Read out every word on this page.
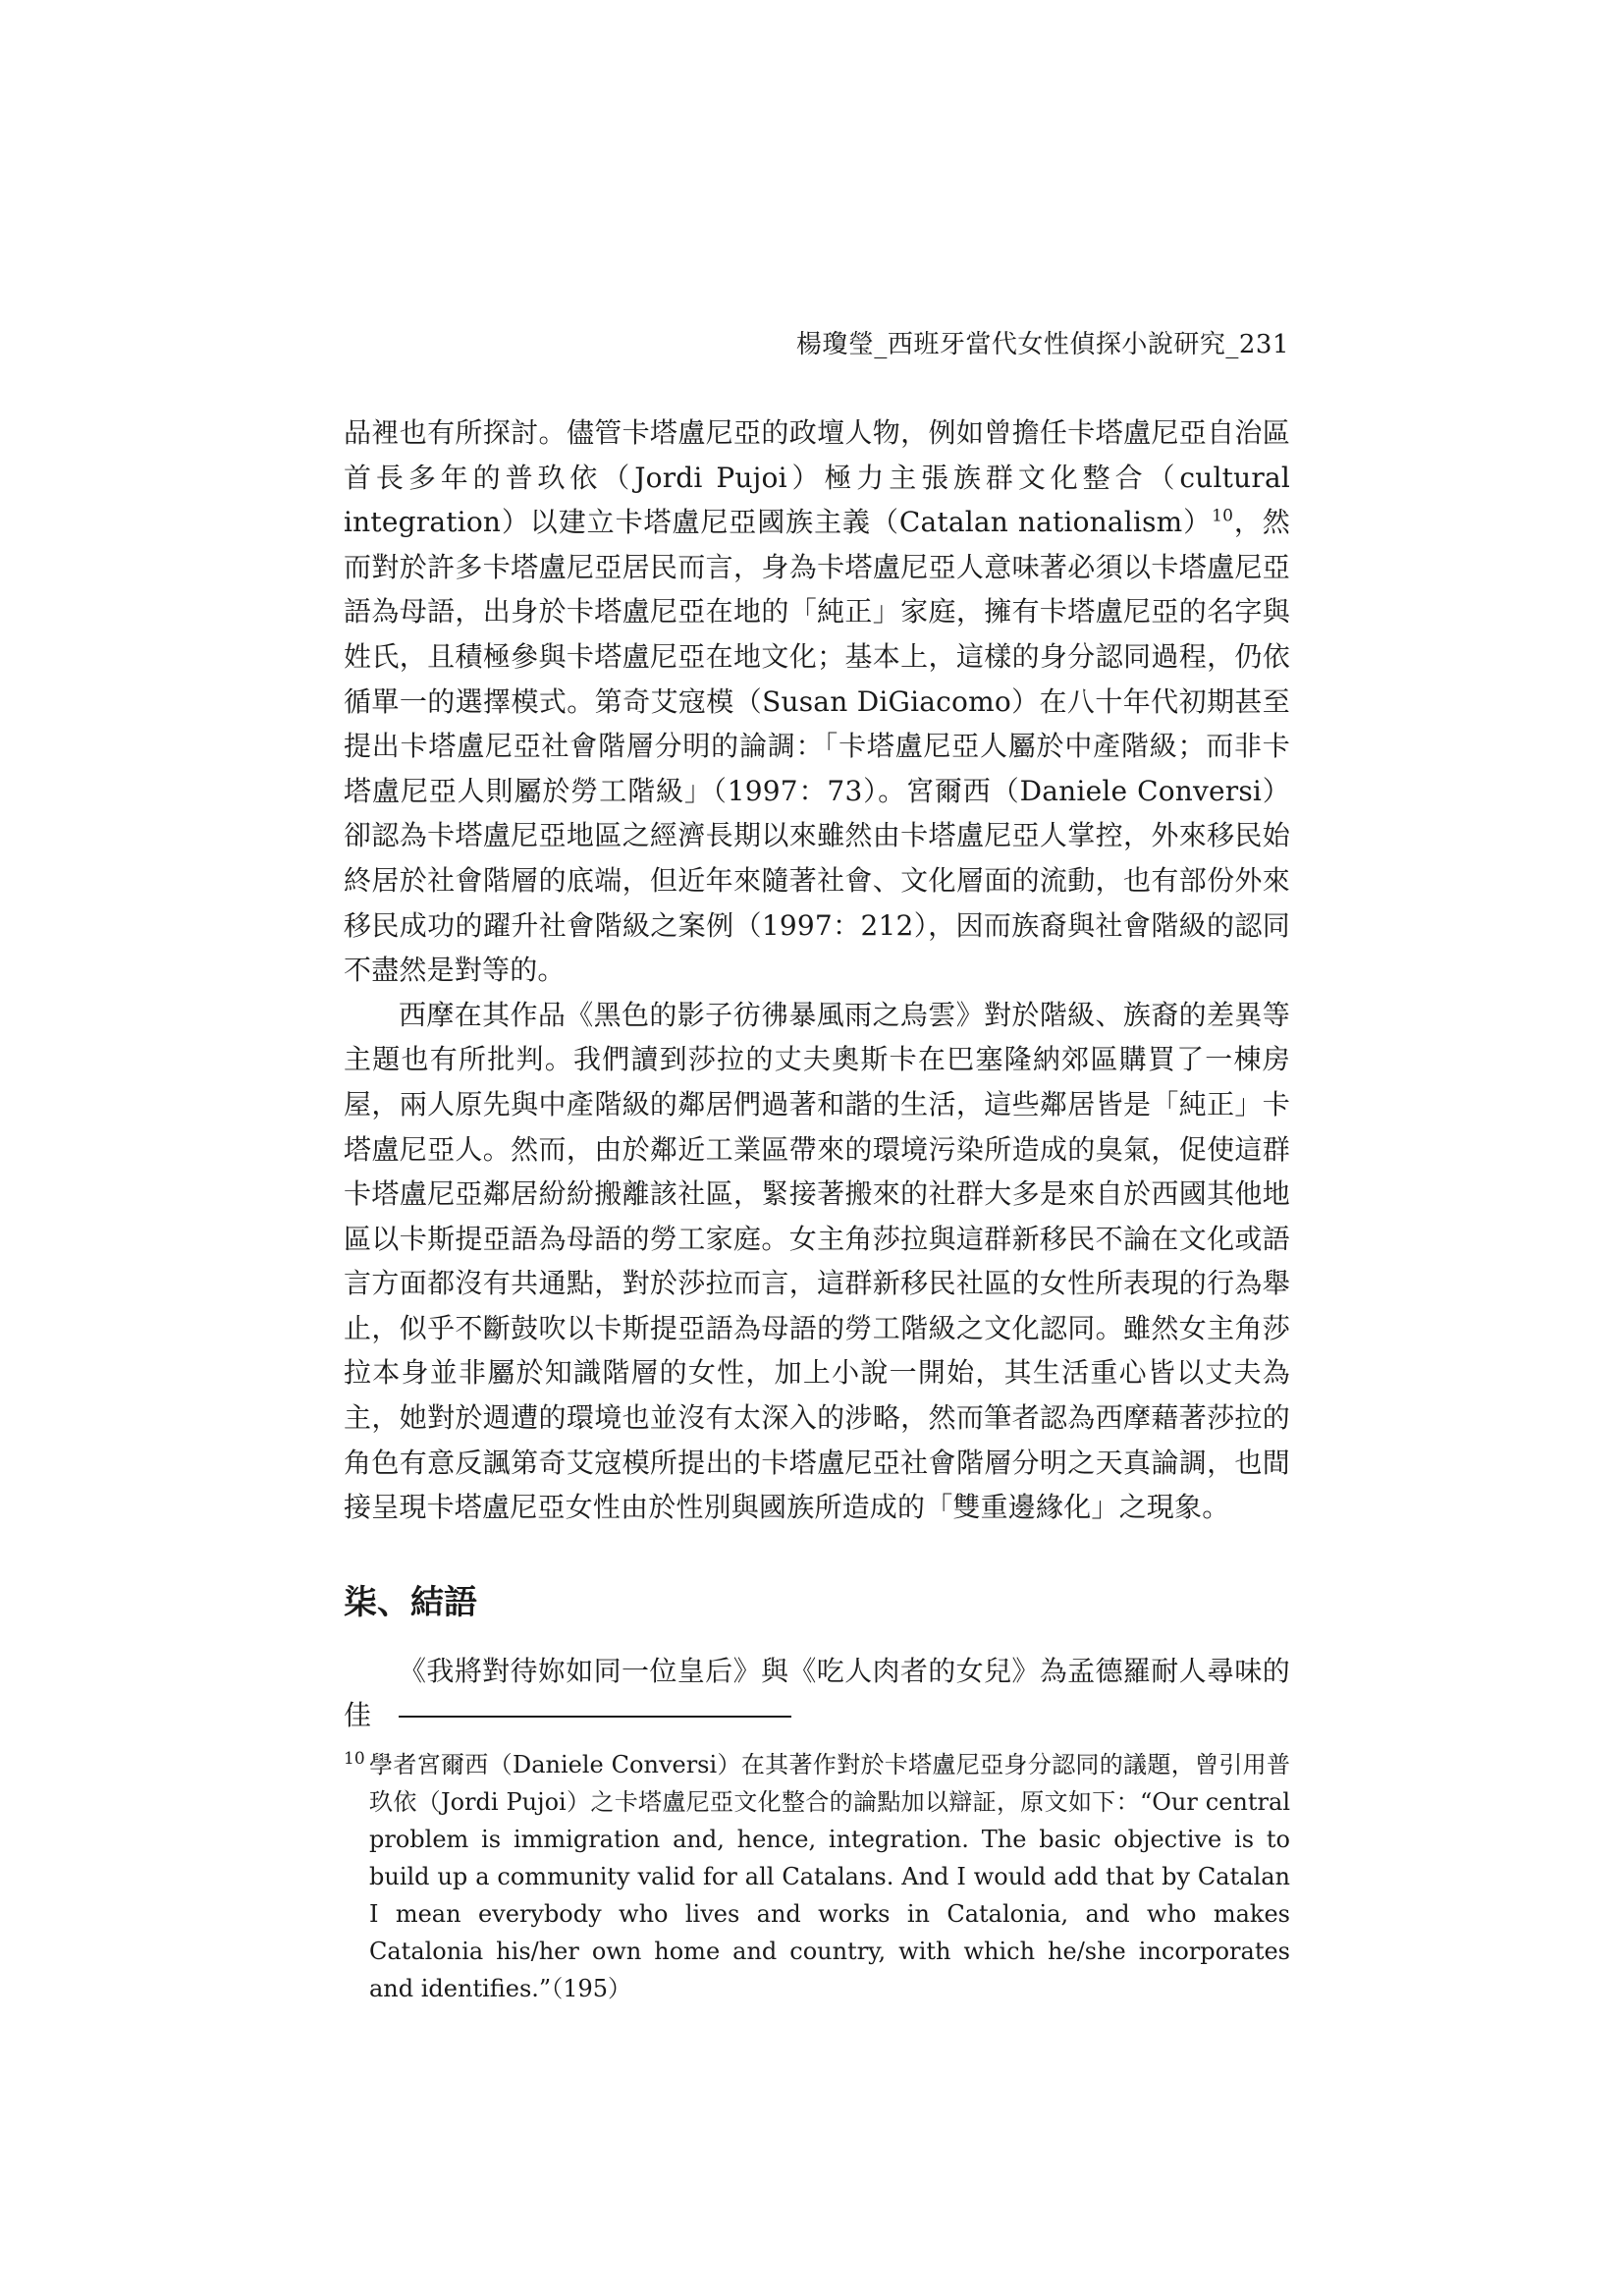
楊瓊瑩_西班牙當代女性偵探小說研究_231

品裡也有所探討。儘管卡塔盧尼亞的政壇人物，例如曾擔任卡塔盧尼亞自治區首長多年的普玖依（Jordi Pujoi）極力主張族群文化整合（cultural integration）以建立卡塔盧尼亞國族主義（Catalan nationalism）$^{10}$，然而對於許多卡塔盧尼亞居民而言，身為卡塔盧尼亞人意味著必須以卡塔盧尼亞語為母語，出身於卡塔盧尼亞在地的「純正」家庭，擁有卡塔盧尼亞的名字與姓氏，且積極參與卡塔盧尼亞在地文化；基本上，這樣的身分認同過程，仍依循單一的選擇模式。第奇艾寇模（Susan DiGiacomo）在八十年代初期甚至提出卡塔盧尼亞社會階層分明的論調：「卡塔盧尼亞人屬於中產階級；而非卡塔盧尼亞人則屬於勞工階級」（1997：73）。宮爾西（Daniele Conversi）卻認為卡塔盧尼亞地區之經濟長期以來雖然由卡塔盧尼亞人掌控，外來移民始終居於社會階層的底端，但近年來隨著社會、文化層面的流動，也有部份外來移民成功的躍升社會階級之案例（1997：212），因而族裔與社會階級的認同不盡然是對等的。

西摩在其作品《黑色的影子彷彿暴風雨之烏雲》對於階級、族裔的差異等主題也有所批判。我們讀到莎拉的丈夫奧斯卡在巴塞隆納郊區購買了一棟房屋，兩人原先與中產階級的鄰居們過著和諧的生活，這些鄰居皆是「純正」卡塔盧尼亞人。然而，由於鄰近工業區帶來的環境污染所造成的臭氣，促使這群卡塔盧尼亞鄰居紛紛搬離該社區，緊接著搬來的社群大多是來自於西國其他地區以卡斯提亞語為母語的勞工家庭。女主角莎拉與這群新移民不論在文化或語言方面都沒有共通點，對於莎拉而言，這群新移民社區的女性所表現的行為舉止，似乎不斷鼓吹以卡斯提亞語為母語的勞工階級之文化認同。雖然女主角莎拉本身並非屬於知識階層的女性，加上小說一開始，其生活重心皆以丈夫為主，她對於週遭的環境也並沒有太深入的涉略，然而筆者認為西摩藉著莎拉的角色有意反諷第奇艾寇模所提出的卡塔盧尼亞社會階層分明之天真論調，也間接呈現卡塔盧尼亞女性由於性別與國族所造成的「雙重邊緣化」之現象。

柒、結語

《我將對待妳如同一位皇后》與《吃人肉者的女兒》為孟德羅耐人尋味的佳

10 學者宮爾西（Daniele Conversi）在其著作對於卡塔盧尼亞身分認同的議題，曾引用普玖依（Jordi Pujoi）之卡塔盧尼亞文化整合的論點加以辯証，原文如下：“Our central problem is immigration and, hence, integration. The basic objective is to build up a community valid for all Catalans. And I would add that by Catalan I mean everybody who lives and works in Catalonia, and who makes Catalonia his/her own home and country, with which he/she incorporates and identifies.”（195）
